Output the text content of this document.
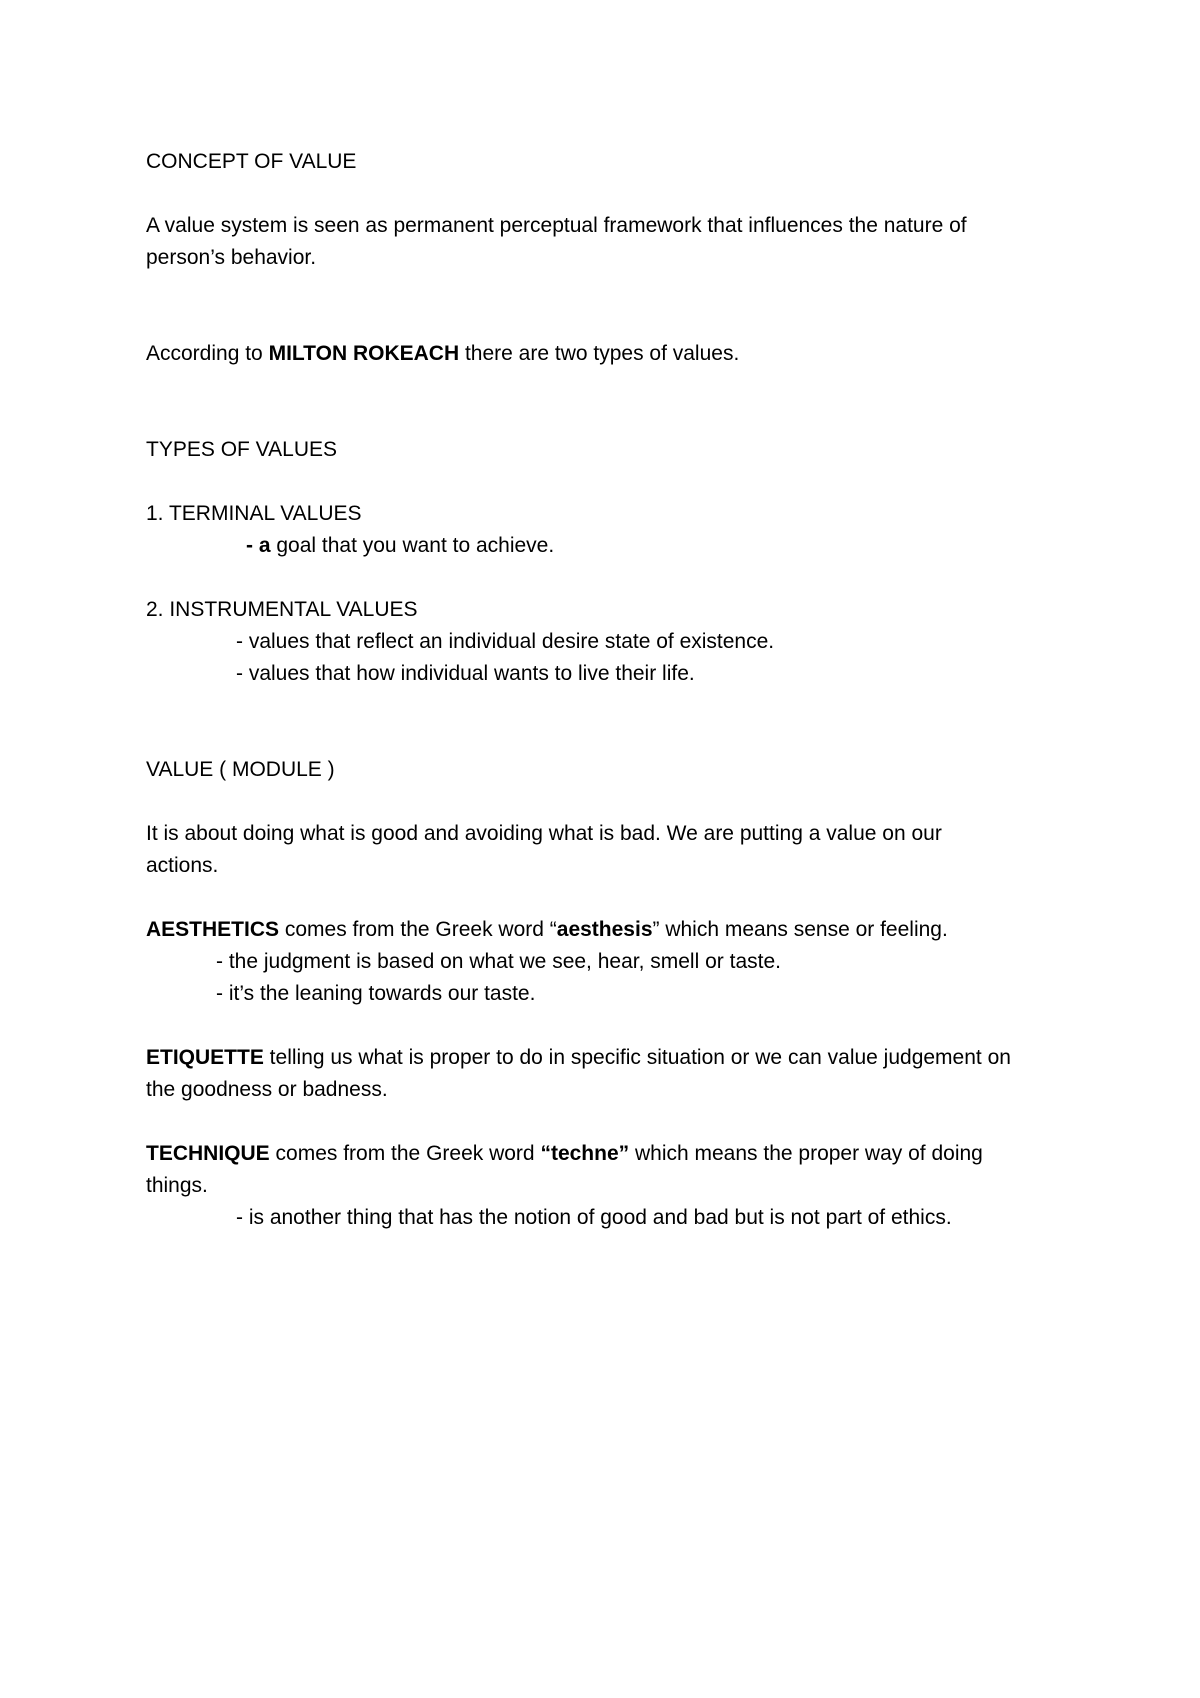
CONCEPT OF VALUE
A value system is seen as permanent perceptual framework that influences the nature of
person’s behavior.
According to MILTON ROKEACH there are two types of values.
TYPES OF VALUES
1. TERMINAL VALUES
- a goal that you want to achieve.
2. INSTRUMENTAL VALUES
- values that reflect an individual desire state of existence.
- values that how individual wants to live their life.
VALUE ( MODULE )
It is about doing what is good and avoiding what is bad. We are putting a value on our
actions.
AESTHETICS comes from the Greek word “aesthesis” which means sense or feeling.
- the judgment is based on what we see, hear, smell or taste.
- it’s the leaning towards our taste.
ETIQUETTE telling us what is proper to do in specific situation or we can value judgement on
the goodness or badness.
TECHNIQUE comes from the Greek word “techne” which means the proper way of doing
things.
- is another thing that has the notion of good and bad but is not part of ethics.
